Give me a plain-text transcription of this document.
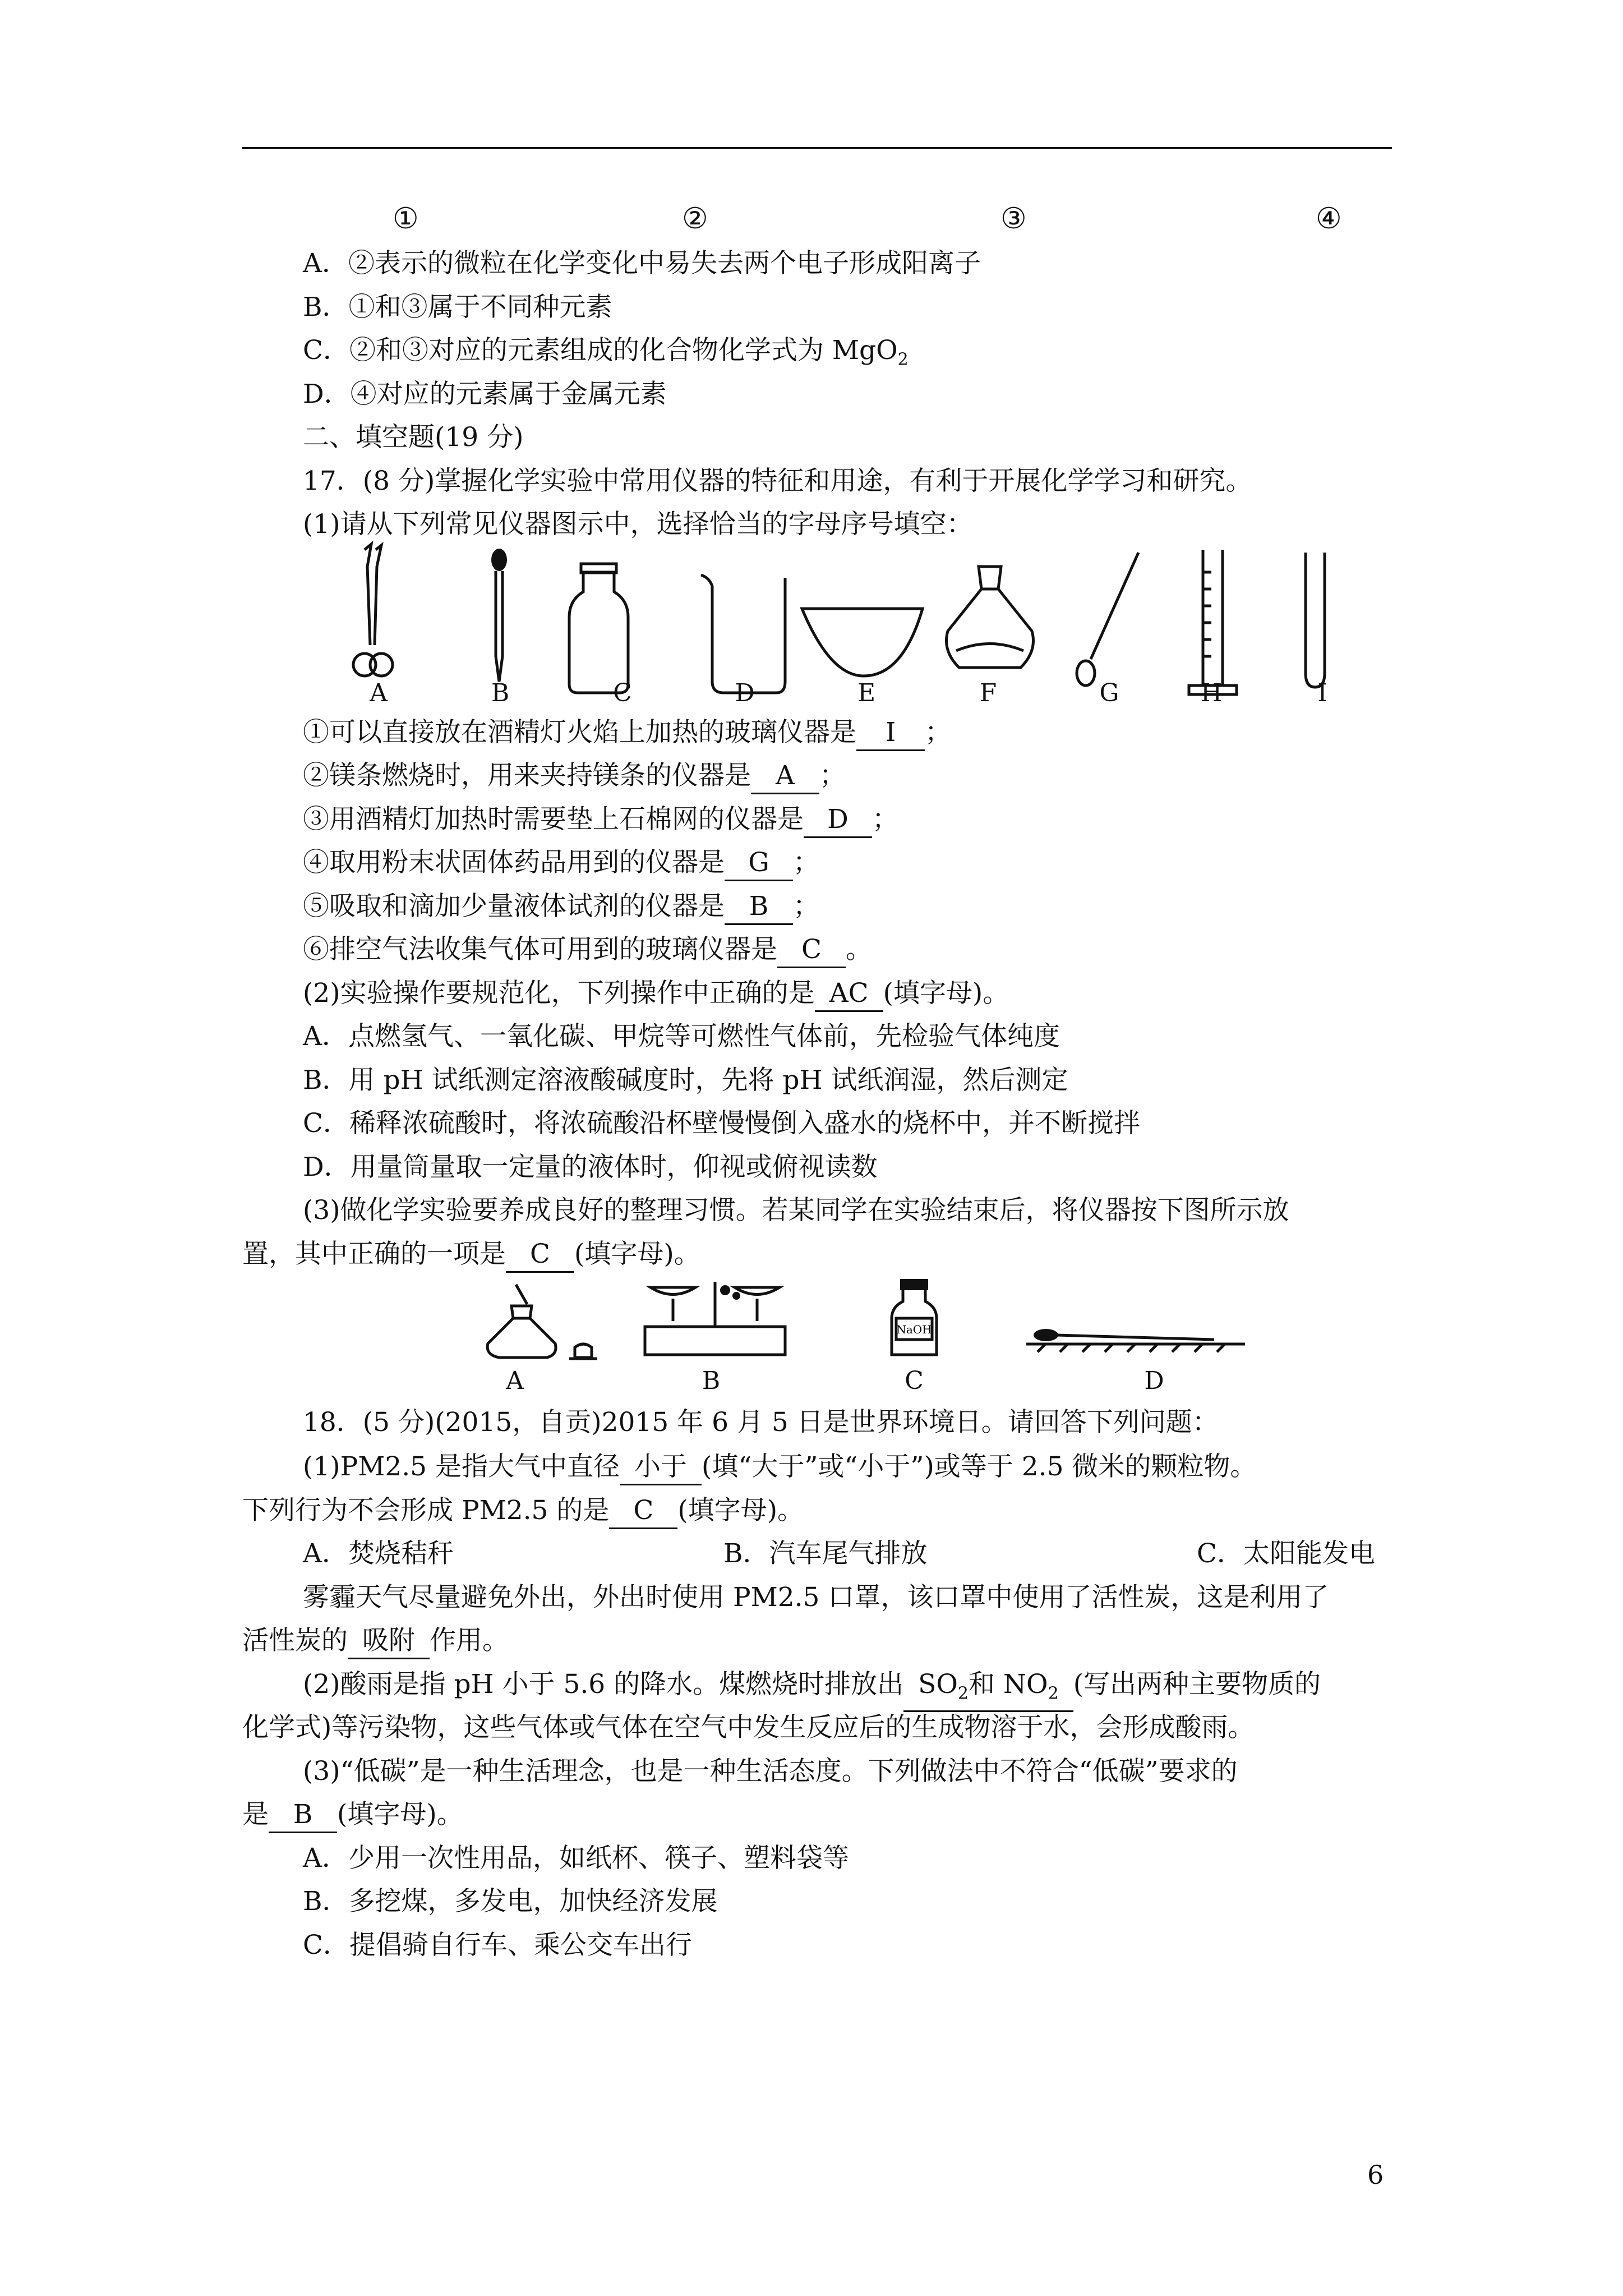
①	②	③	④
A．②表示的微粒在化学变化中易失去两个电子形成阳离子
B．①和③属于不同种元素
C．②和③对应的元素组成的化合物化学式为 MgO$_2$
D．④对应的元素属于金属元素
二、填空题(19 分)
17．(8 分)掌握化学实验中常用仪器的特征和用途，有利于开展化学学习和研究。
(1)请从下列常见仪器图示中，选择恰当的字母序号填空：
A	B	C	D	E	F	G	H	I
①可以直接放在酒精灯火焰上加热的玻璃仪器是 I ；
②镁条燃烧时，用来夹持镁条的仪器是 A ；
③用酒精灯加热时需要垫上石棉网的仪器是 D ；
④取用粉末状固体药品用到的仪器是 G ；
⑤吸取和滴加少量液体试剂的仪器是 B ；
⑥排空气法收集气体可用到的玻璃仪器是 C 。
(2)实验操作要规范化，下列操作中正确的是 AC (填字母)。
A．点燃氢气、一氧化碳、甲烷等可燃性气体前，先检验气体纯度
B．用 pH 试纸测定溶液酸碱度时，先将 pH 试纸润湿，然后测定
C．稀释浓硫酸时，将浓硫酸沿杯壁慢慢倒入盛水的烧杯中，并不断搅拌
D．用量筒量取一定量的液体时，仰视或俯视读数
(3)做化学实验要养成良好的整理习惯。若某同学在实验结束后，将仪器按下图所示放
置，其中正确的一项是 C (填字母)。
NaOH
A	B	C	D
18．(5 分)(2015，自贡)2015 年 6 月 5 日是世界环境日。请回答下列问题：
(1)PM2.5 是指大气中直径 小于 (填“大于”或“小于”)或等于 2.5 微米的颗粒物。
下列行为不会形成 PM2.5 的是 C (填字母)。
A．焚烧秸秆	B．汽车尾气排放	C．太阳能发电
雾霾天气尽量避免外出，外出时使用 PM2.5 口罩，该口罩中使用了活性炭，这是利用了
活性炭的 吸附 作用。
(2)酸雨是指 pH 小于 5.6 的降水。煤燃烧时排放出 $SO_2$和 $NO_2$ (写出两种主要物质的
化学式)等污染物，这些气体或气体在空气中发生反应后的生成物溶于水，会形成酸雨。
(3)“低碳”是一种生活理念，也是一种生活态度。下列做法中不符合“低碳”要求的
是 B (填字母)。
A．少用一次性用品，如纸杯、筷子、塑料袋等
B．多挖煤，多发电，加快经济发展
C．提倡骑自行车、乘公交车出行
6
